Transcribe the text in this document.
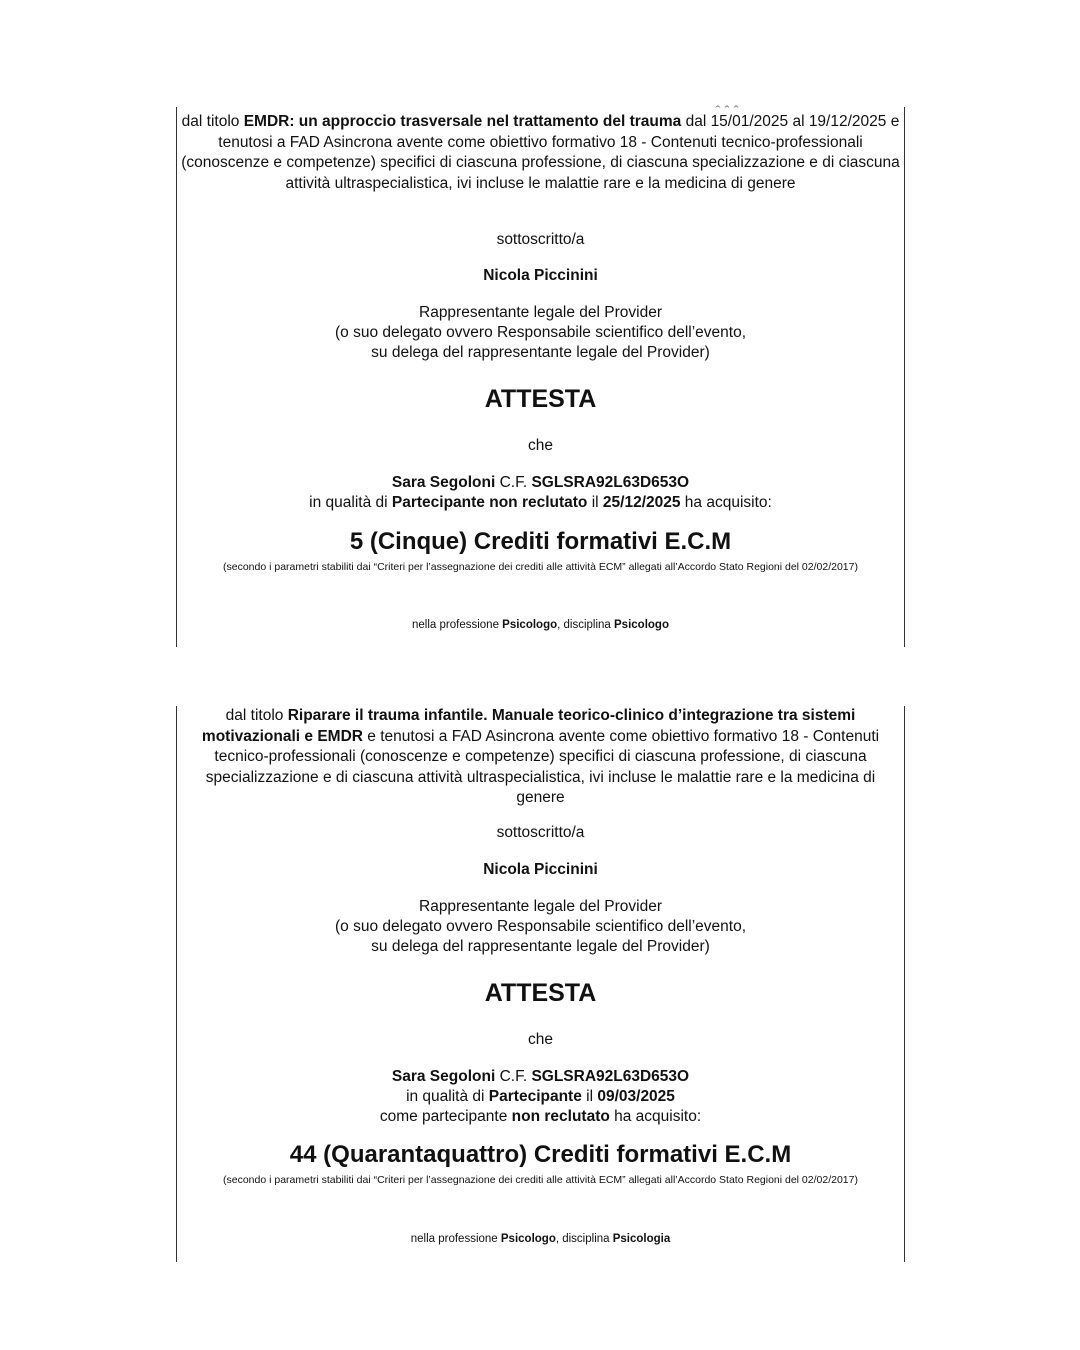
dal titolo EMDR: un approccio trasversale nel trattamento del trauma dal 15/01/2025 al 19/12/2025 e tenutosi a FAD Asincrona avente come obiettivo formativo 18 - Contenuti tecnico-professionali (conoscenze e competenze) specifici di ciascuna professione, di ciascuna specializzazione e di ciascuna attività ultraspecialistica, ivi incluse le malattie rare e la medicina di genere
sottoscritto/a
Nicola Piccinini
Rappresentante legale del Provider
(o suo delegato ovvero Responsabile scientifico dell’evento,
su delega del rappresentante legale del Provider)
ATTESTA
che
Sara Segoloni C.F. SGLSRA92L63D653O
in qualità di Partecipante non reclutato il 25/12/2025 ha acquisito:
5 (Cinque) Crediti formativi E.C.M
(secondo i parametri stabiliti dai “Criteri per l’assegnazione dei crediti alle attività ECM” allegati all’Accordo Stato Regioni del 02/02/2017)
nella professione Psicologo, disciplina Psicologo
dal titolo Riparare il trauma infantile. Manuale teorico-clinico d’integrazione tra sistemi motivazionali e EMDR e tenutosi a FAD Asincrona avente come obiettivo formativo 18 - Contenuti tecnico-professionali (conoscenze e competenze) specifici di ciascuna professione, di ciascuna specializzazione e di ciascuna attività ultraspecialistica, ivi incluse le malattie rare e la medicina di genere
sottoscritto/a
Nicola Piccinini
Rappresentante legale del Provider
(o suo delegato ovvero Responsabile scientifico dell’evento,
su delega del rappresentante legale del Provider)
ATTESTA
che
Sara Segoloni C.F. SGLSRA92L63D653O
in qualità di Partecipante il 09/03/2025
come partecipante non reclutato ha acquisito:
44 (Quarantaquattro) Crediti formativi E.C.M
(secondo i parametri stabiliti dai “Criteri per l’assegnazione dei crediti alle attività ECM” allegati all’Accordo Stato Regioni del 02/02/2017)
nella professione Psicologo, disciplina Psicologia
